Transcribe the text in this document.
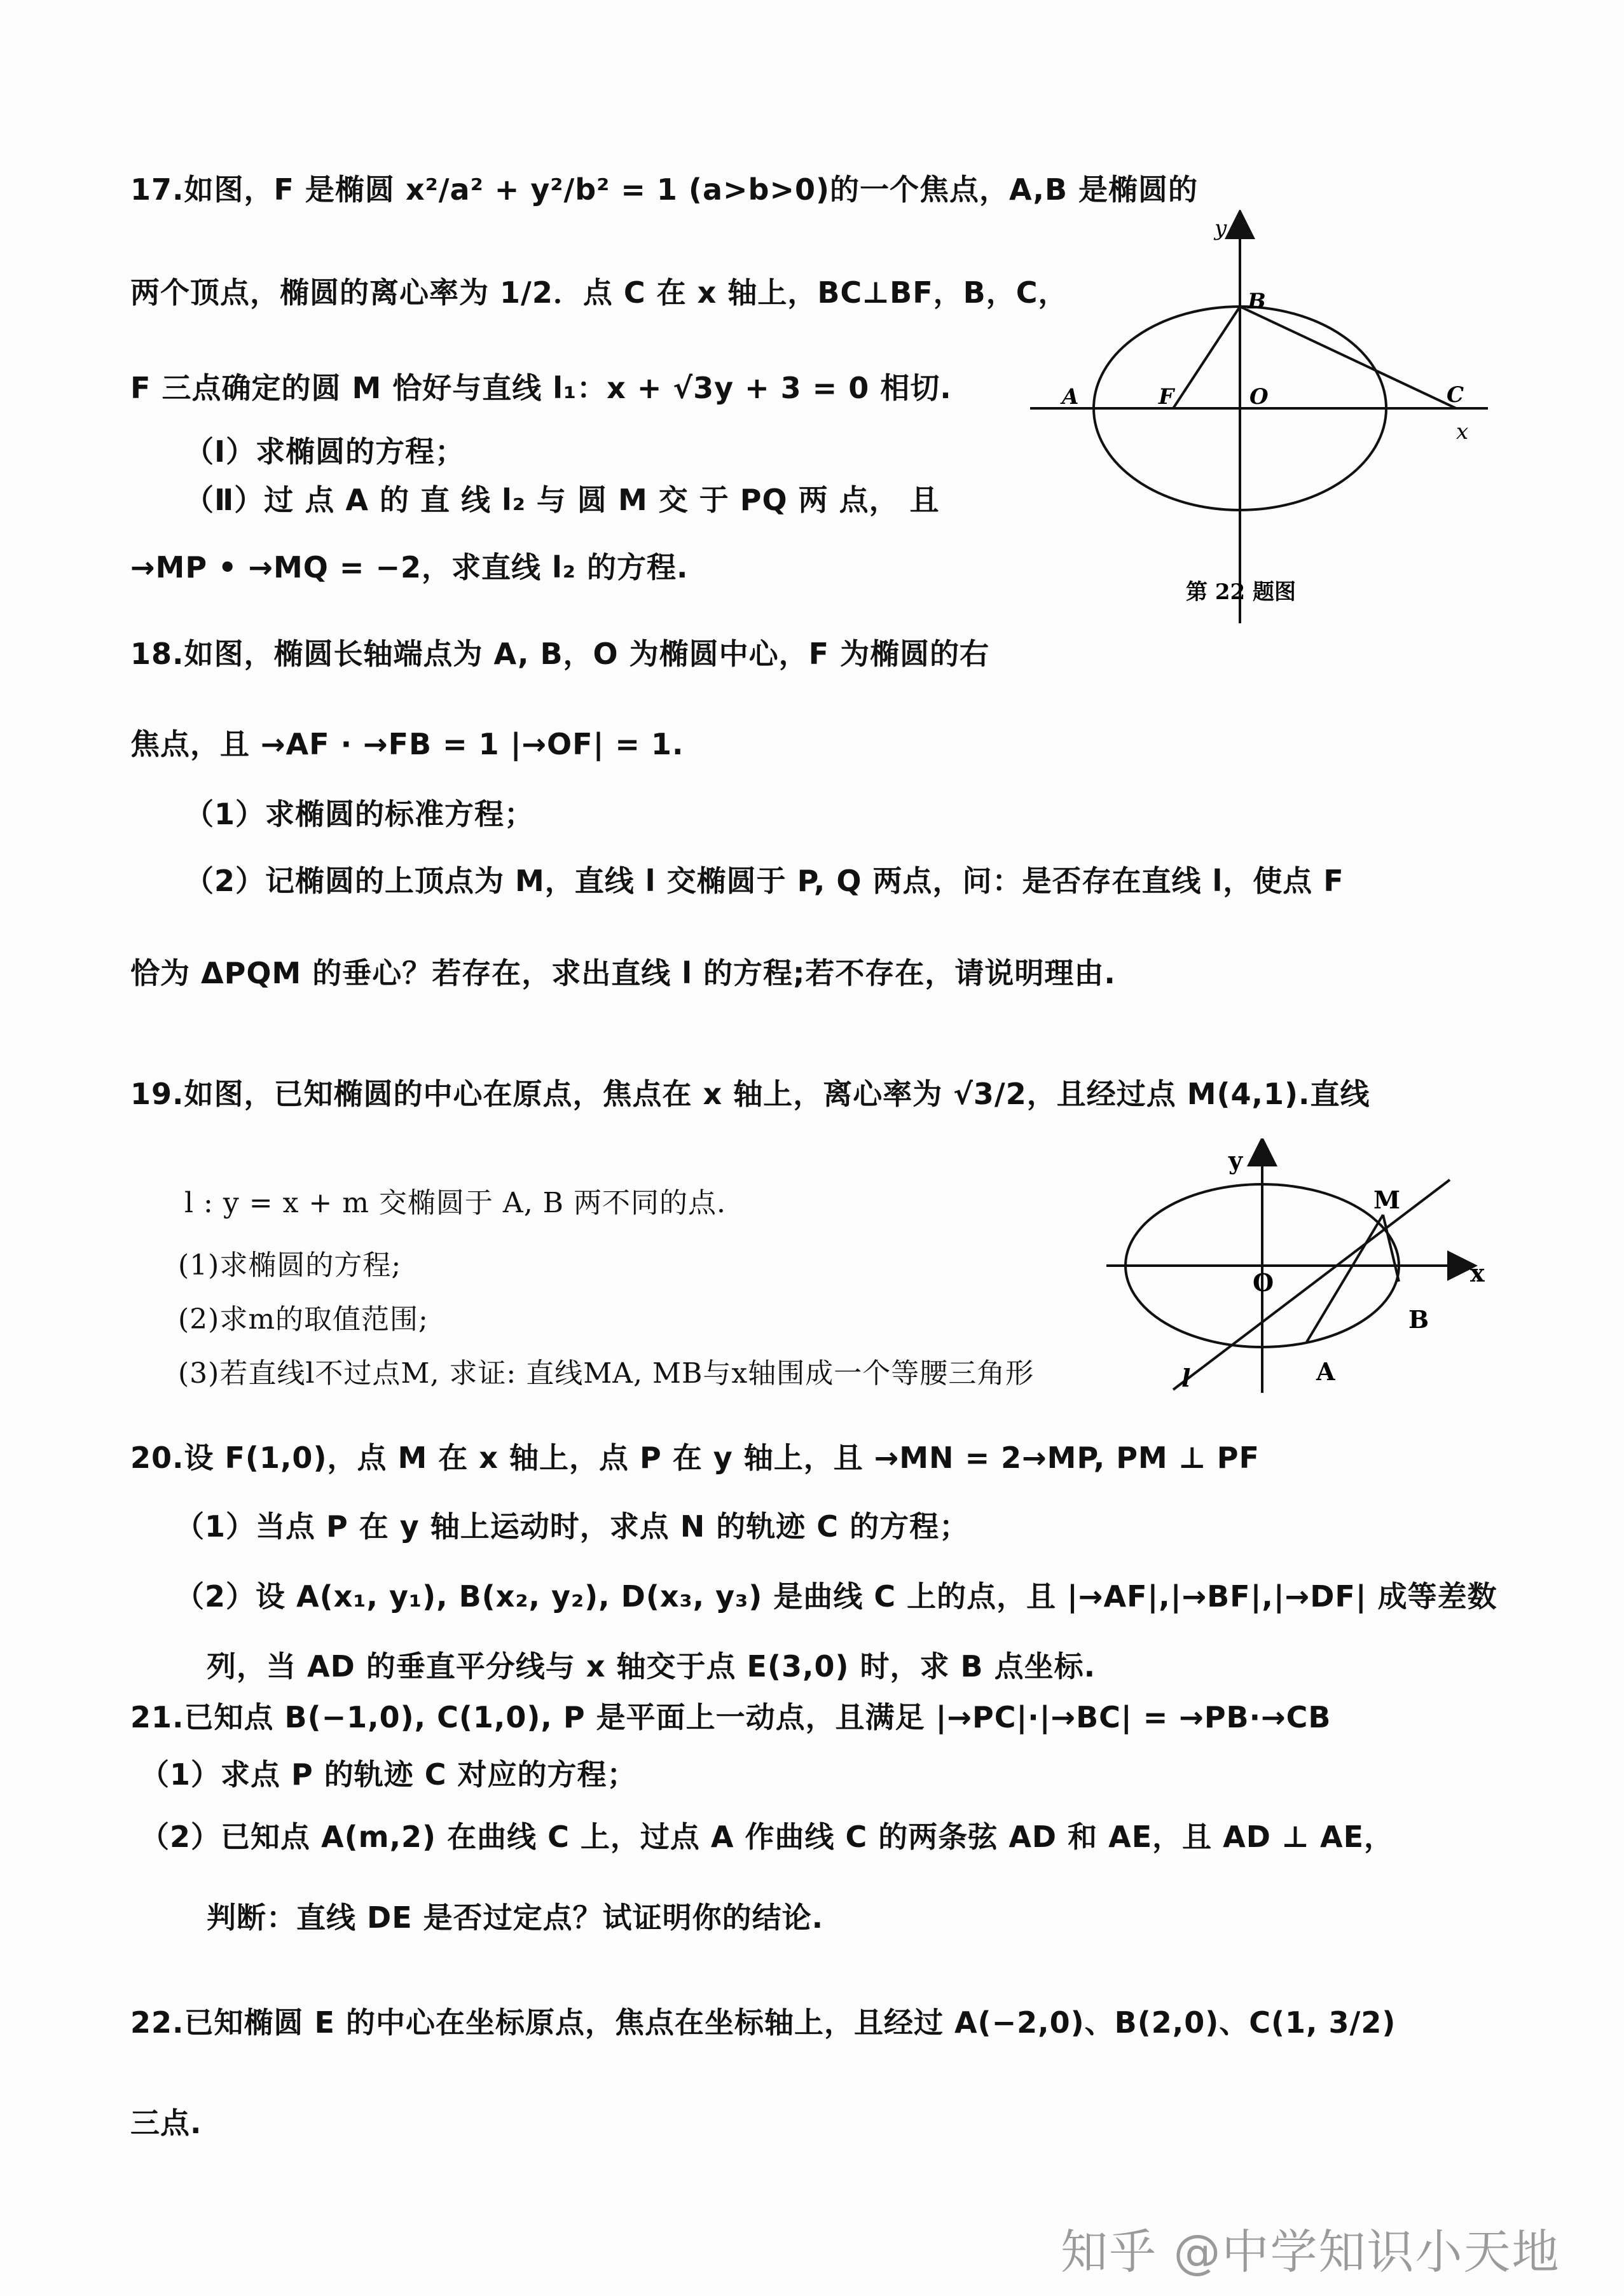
17.如图，F 是椭圆 x²/a² + y²/b² = 1 (a>b>0)的一个焦点，A,B 是椭圆的
两个顶点，椭圆的离心率为 1/2．点 C 在 x 轴上，BC⊥BF，B，C，
F 三点确定的圆 M 恰好与直线 l₁：x + √3y + 3 = 0 相切.
（Ⅰ）求椭圆的方程；
（Ⅱ）过 点 A 的 直 线 l₂ 与 圆 M 交 于 PQ 两 点， 且
→MP • →MQ = −2，求直线 l₂ 的方程.
y
x
B
A	F	O	C
第 22 题图
18.如图，椭圆长轴端点为 A, B，O 为椭圆中心，F 为椭圆的右
焦点，且 →AF · →FB = 1 |→OF| = 1.
（1）求椭圆的标准方程；
（2）记椭圆的上顶点为 M，直线 l 交椭圆于 P, Q 两点，问：是否存在直线 l，使点 F
恰为 ΔPQM 的垂心？若存在，求出直线 l 的方程;若不存在，请说明理由.
19.如图，已知椭圆的中心在原点，焦点在 x 轴上，离心率为 √3/2，且经过点 M(4,1).直线
l : y = x + m 交椭圆于 A, B 两不同的点.
(1)求椭圆的方程;
(2)求m的取值范围;
(3)若直线l不过点M, 求证: 直线MA, MB与x轴围成一个等腰三角形
y
x
M
O
B
A
l
20.设 F(1,0)，点 M 在 x 轴上，点 P 在 y 轴上，且 →MN = 2→MP, PM ⊥ PF
（1）当点 P 在 y 轴上运动时，求点 N 的轨迹 C 的方程；
（2）设 A(x₁, y₁), B(x₂, y₂), D(x₃, y₃) 是曲线 C 上的点，且 |→AF|,|→BF|,|→DF| 成等差数
列，当 AD 的垂直平分线与 x 轴交于点 E(3,0) 时，求 B 点坐标.
21.已知点 B(−1,0), C(1,0), P 是平面上一动点，且满足 |→PC|·|→BC| = →PB·→CB
（1）求点 P 的轨迹 C 对应的方程；
（2）已知点 A(m,2) 在曲线 C 上，过点 A 作曲线 C 的两条弦 AD 和 AE，且 AD ⊥ AE，
判断：直线 DE 是否过定点？试证明你的结论.
22.已知椭圆 E 的中心在坐标原点，焦点在坐标轴上，且经过 A(−2,0)、B(2,0)、C(1, 3/2)
三点.
知乎 @中学知识小天地
